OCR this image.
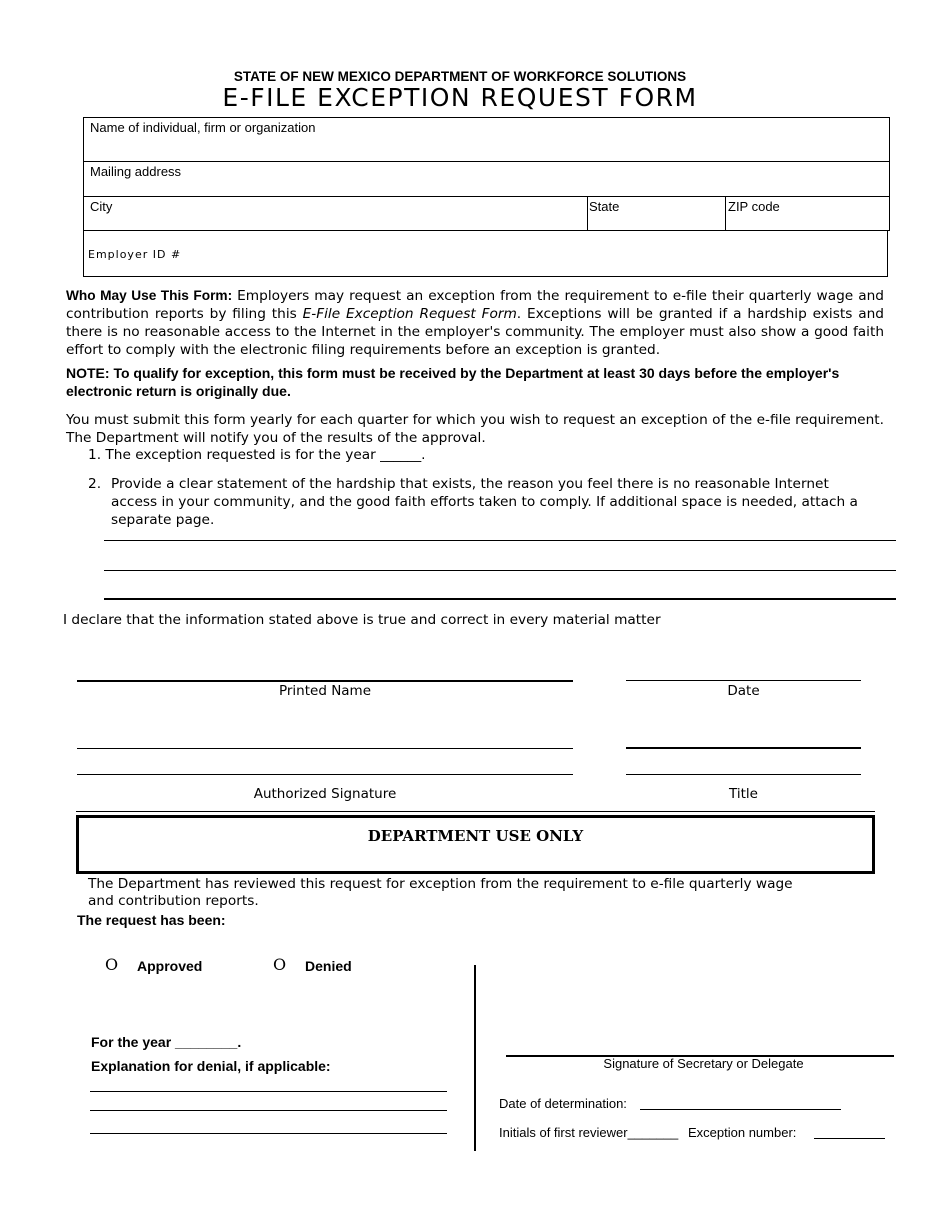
STATE OF NEW MEXICO DEPARTMENT OF WORKFORCE SOLUTIONS
E-FILE EXCEPTION REQUEST FORM
Name of individual, firm or organization
Mailing address
City	State	ZIP code
Employer ID #
Who May Use This Form: Employers may request an exception from the requirement to e-file their quarterly wage and contribution reports by filing this E-File Exception Request Form. Exceptions will be granted if a hardship exists and there is no reasonable access to the Internet in the employer's community. The employer must also show a good faith effort to comply with the electronic filing requirements before an exception is granted.
NOTE: To qualify for exception, this form must be received by the Department at least 30 days before the employer's electronic return is originally due.
You must submit this form yearly for each quarter for which you wish to request an exception of the e-file requirement. The Department will notify you of the results of the approval.
1. The exception requested is for the year ______.
2. Provide a clear statement of the hardship that exists, the reason you feel there is no reasonable Internet access in your community, and the good faith efforts taken to comply. If additional space is needed, attach a separate page.
I declare that the information stated above is true and correct in every material matter
Printed Name	Date
Authorized Signature	Title
DEPARTMENT USE ONLY
The Department has reviewed this request for exception from the requirement to e-file quarterly wage and contribution reports.
The request has been:
O Approved	O Denied
For the year ________.
Explanation for denial, if applicable:	Signature of Secretary or Delegate
Date of determination:
Initials of first reviewer_______ Exception number:
